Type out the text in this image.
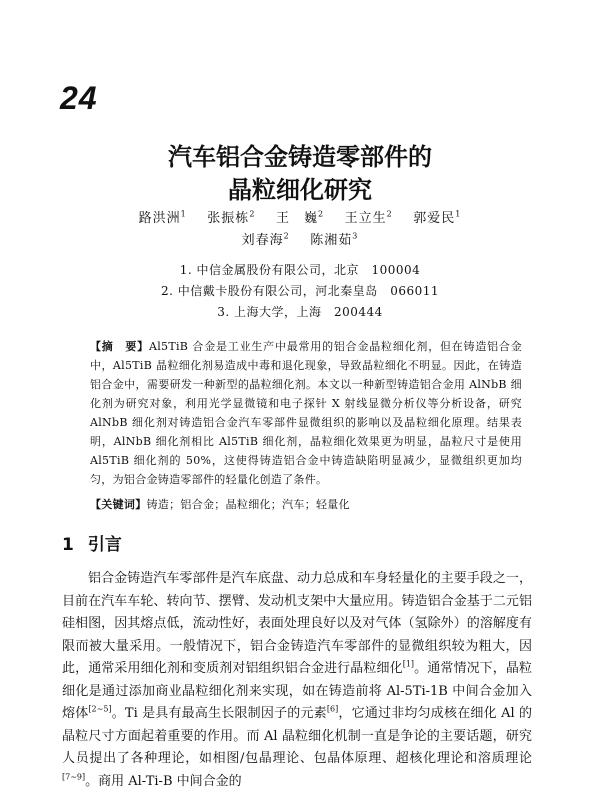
24
汽车铝合金铸造零部件的
晶粒细化研究
路洪洲$^1$ 张振栋$^2$ 王　巍$^2$ 王立生$^2$ 郭爱民$^1$
刘春海$^2$ 陈湘茹$^3$
1. 中信金属股份有限公司，北京　100004
2. 中信戴卡股份有限公司，河北秦皇岛　066011
3. 上海大学，上海　200444
【摘　要】Al5TiB 合金是工业生产中最常用的铝合金晶粒细化剂，但在铸造铝合金中，Al5TiB 晶粒细化剂易造成中毒和退化现象，导致晶粒细化不明显。因此，在铸造铝合金中，需要研发一种新型的晶粒细化剂。本文以一种新型铸造铝合金用 AlNbB 细化剂为研究对象，利用光学显微镜和电子探针 X 射线显微分析仪等分析设备，研究 AlNbB 细化剂对铸造铝合金汽车零部件显微组织的影响以及晶粒细化原理。结果表明，AlNbB 细化剂相比 Al5TiB 细化剂，晶粒细化效果更为明显，晶粒尺寸是使用 Al5TiB 细化剂的 50%，这使得铸造铝合金中铸造缺陷明显减少，显微组织更加均匀，为铝合金铸造零部件的轻量化创造了条件。
【关键词】铸造；铝合金；晶粒细化；汽车；轻量化
1 引言
铝合金铸造汽车零部件是汽车底盘、动力总成和车身轻量化的主要手段之一，目前在汽车车轮、转向节、摆臂、发动机支架中大量应用。铸造铝合金基于二元铝硅相图，因其熔点低，流动性好，表面处理良好以及对气体（氢除外）的溶解度有限而被大量采用。一般情况下，铝合金铸造汽车零部件的显微组织较为粗大，因此，通常采用细化剂和变质剂对铝组织铝合金进行晶粒细化[1]。通常情况下，晶粒细化是通过添加商业晶粒细化剂来实现，如在铸造前将 Al-5Ti-1B 中间合金加入熔体[2~5]。Ti 是具有最高生长限制因子的元素[6]，它通过非均匀成核在细化 Al 的晶粒尺寸方面起着重要的作用。而 Al 晶粒细化机制一直是争论的主要话题，研究人员提出了各种理论，如相图/包晶理论、包晶体原理、超核化理论和溶质理论[7~9]。商用 Al-Ti-B 中间合金的
